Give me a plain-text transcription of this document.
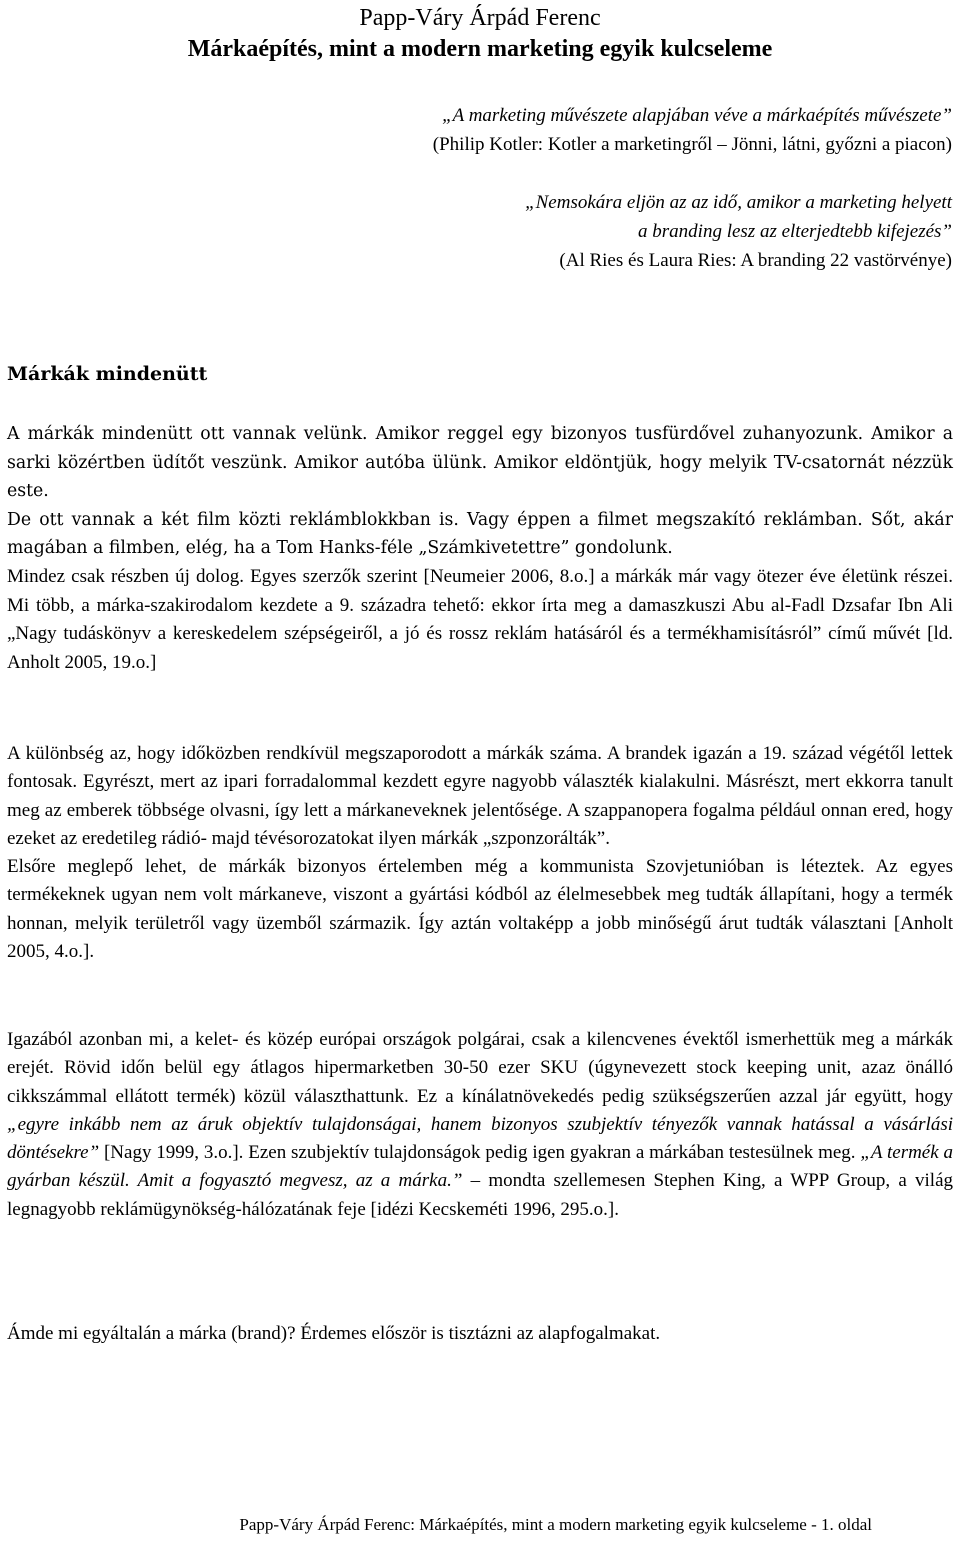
Papp-Váry Árpád Ferenc
Márkaépítés, mint a modern marketing egyik kulcseleme
„A marketing művészete alapjában véve a márkaépítés művészete”
(Philip Kotler: Kotler a marketingről – Jönni, látni, győzni a piacon)
„Nemsokára eljön az az idő, amikor a marketing helyett
a branding lesz az elterjedtebb kifejezés”
(Al Ries és Laura Ries: A branding 22 vastörvénye)
Márkák mindenütt

A márkák mindenütt ott vannak velünk. Amikor reggel egy bizonyos tusfürdővel zuhanyozunk. Amikor a sarki közértben üdítőt veszünk. Amikor autóba ülünk. Amikor eldöntjük, hogy melyik TV-csatornát nézzük este.

De ott vannak a két film közti reklámblokkban is. Vagy éppen a filmet megszakító reklámban. Sőt, akár magában a filmben, elég, ha a Tom Hanks-féle „Számkivetettre” gondolunk.

Mindez csak részben új dolog. Egyes szerzők szerint [Neumeier 2006, 8.o.] a márkák már vagy ötezer éve életünk részei. Mi több, a márka-szakirodalom kezdete a 9. századra tehető: ekkor írta meg a damaszkuszi Abu al-Fadl Dzsafar Ibn Ali „Nagy tudáskönyv a kereskedelem szépségeiről, a jó és rossz reklám hatásáról és a termékhamisításról” című művét [ld. Anholt 2005, 19.o.]

A különbség az, hogy időközben rendkívül megszaporodott a márkák száma. A brandek igazán a 19. század végétől lettek fontosak. Egyrészt, mert az ipari forradalommal kezdett egyre nagyobb választék kialakulni. Másrészt, mert ekkorra tanult meg az emberek többsége olvasni, így lett a márkaneveknek jelentősége. A szappanopera fogalma például onnan ered, hogy ezeket az eredetileg rádió- majd tévésorozatokat ilyen márkák „szponzorálták”.

Elsőre meglepő lehet, de márkák bizonyos értelemben még a kommunista Szovjetunióban is léteztek. Az egyes termékeknek ugyan nem volt márkaneve, viszont a gyártási kódból az élelmesebbek meg tudták állapítani, hogy a termék honnan, melyik területről vagy üzemből származik. Így aztán voltaképp a jobb minőségű árut tudták választani [Anholt 2005, 4.o.].

Igazából azonban mi, a kelet- és közép európai országok polgárai, csak a kilencvenes évektől ismerhettük meg a márkák erejét. Rövid időn belül egy átlagos hipermarketben 30-50 ezer SKU (úgynevezett stock keeping unit, azaz önálló cikkszámmal ellátott termék) közül választhattunk. Ez a kínálatnövekedés pedig szükségszerűen azzal jár együtt, hogy „egyre inkább nem az áruk objektív tulajdonságai, hanem bizonyos szubjektív tényezők vannak hatással a vásárlási döntésekre” [Nagy 1999, 3.o.]. Ezen szubjektív tulajdonságok pedig igen gyakran a márkában testesülnek meg. „A termék a gyárban készül. Amit a fogyasztó megvesz, az a márka.” – mondta szellemesen Stephen King, a WPP Group, a világ legnagyobb reklámügynökség-hálózatának feje [idézi Kecskeméti 1996, 295.o.].

Ámde mi egyáltalán a márka (brand)? Érdemes először is tisztázni az alapfogalmakat.

Papp-Váry Árpád Ferenc: Márkaépítés, mint a modern marketing egyik kulcseleme - 1. oldal
